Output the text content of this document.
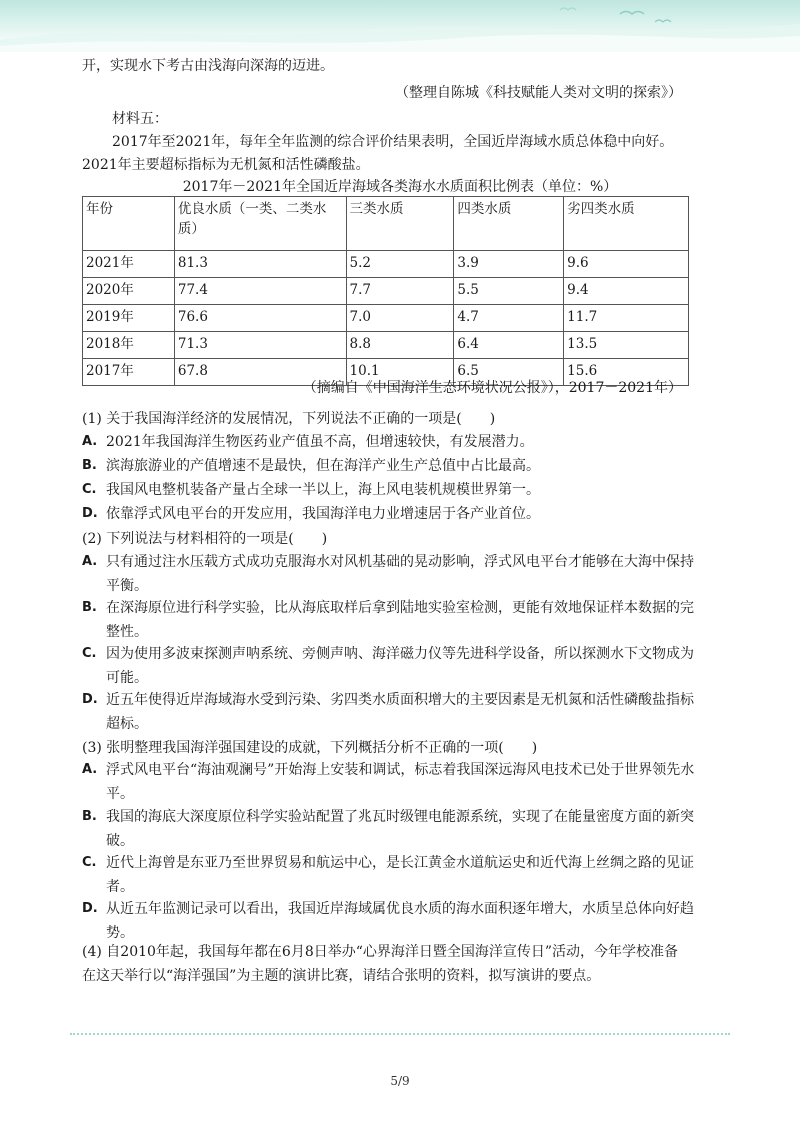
开，实现水下考古由浅海向深海的迈进。
（整理自陈城《科技赋能人类对文明的探索》）
材料五：
2017年至2021年，每年全年监测的综合评价结果表明，全国近岸海域水质总体稳中向好。
2021年主要超标指标为无机氮和活性磷酸盐。
2017年－2021年全国近岸海域各类海水水质面积比例表（单位：%）
年份	优良水质（一类、二类水质）	三类水质	四类水质	劣四类水质
2021年	81.3	5.2	3.9	9.6
2020年	77.4	7.7	5.5	9.4
2019年	76.6	7.0	4.7	11.7
2018年	71.3	8.8	6.4	13.5
2017年	67.8	10.1	6.5	15.6
（摘编自《中国海洋生态环境状况公报》），2017－2021年）
(1) 关于我国海洋经济的发展情况，下列说法不正确的一项是(　　)
A. 2021年我国海洋生物医药业产值虽不高，但增速较快，有发展潜力。
B. 滨海旅游业的产值增速不是最快，但在海洋产业生产总值中占比最高。
C. 我国风电整机装备产量占全球一半以上，海上风电装机规模世界第一。
D. 依靠浮式风电平台的开发应用，我国海洋电力业增速居于各产业首位。
(2) 下列说法与材料相符的一项是(　　)
A. 只有通过注水压载方式成功克服海水对风机基础的晃动影响，浮式风电平台才能够在大海中保持平衡。
B. 在深海原位进行科学实验，比从海底取样后拿到陆地实验室检测，更能有效地保证样本数据的完整性。
C. 因为使用多波束探测声呐系统、旁侧声呐、海洋磁力仪等先进科学设备，所以探测水下文物成为可能。
D. 近五年使得近岸海域海水受到污染、劣四类水质面积增大的主要因素是无机氮和活性磷酸盐指标超标。
(3) 张明整理我国海洋强国建设的成就，下列概括分析不正确的一项(　　)
A. 浮式风电平台“海油观澜号”开始海上安装和调试，标志着我国深远海风电技术已处于世界领先水平。
B. 我国的海底大深度原位科学实验站配置了兆瓦时级锂电能源系统，实现了在能量密度方面的新突破。
C. 近代上海曾是东亚乃至世界贸易和航运中心，是长江黄金水道航运史和近代海上丝绸之路的见证者。
D. 从近五年监测记录可以看出，我国近岸海域属优良水质的海水面积逐年增大，水质呈总体向好趋势。
(4) 自2010年起，我国每年都在6月8日举办“心界海洋日暨全国海洋宣传日”活动，今年学校准备
在这天举行以“海洋强国”为主题的演讲比赛，请结合张明的资料，拟写演讲的要点。
5/9
